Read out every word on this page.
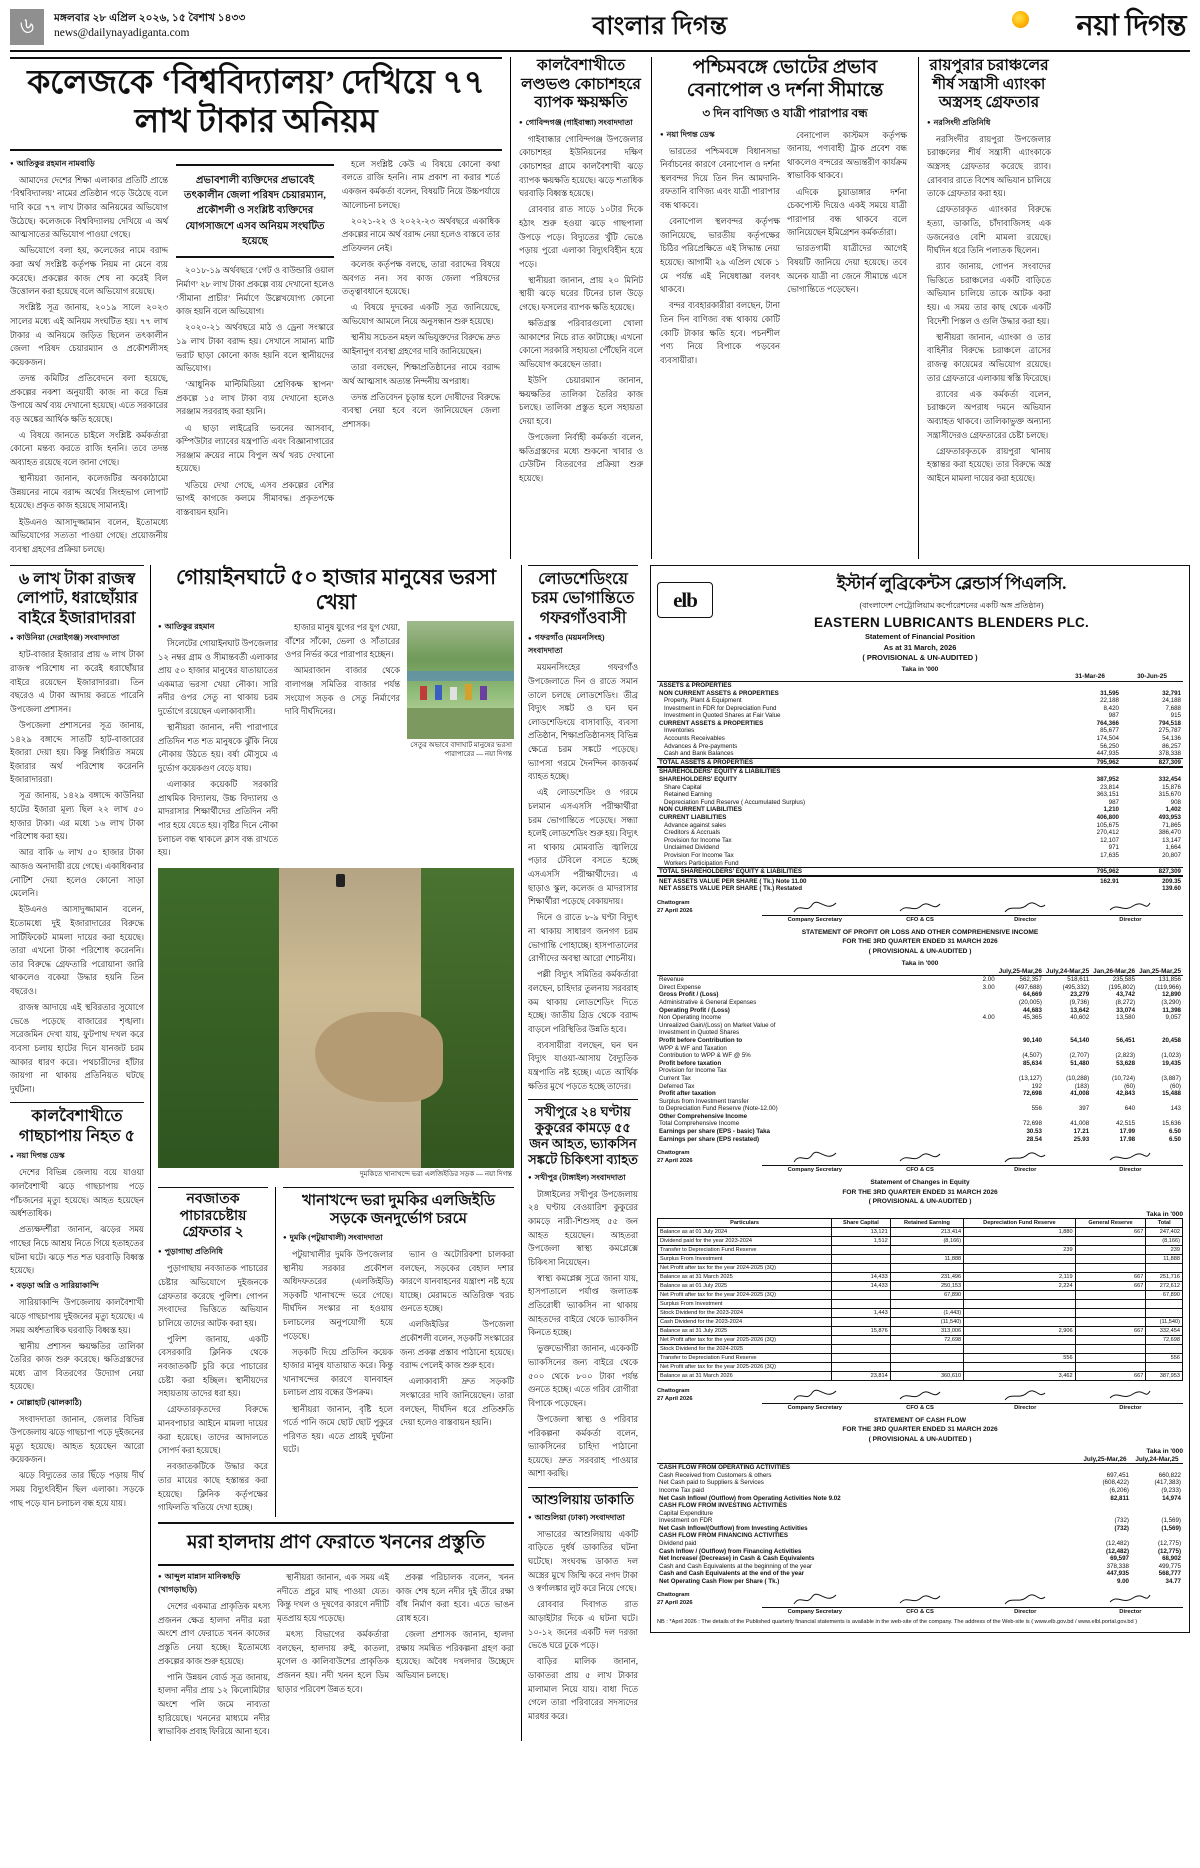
৬	মঙ্গলবার ২৮ এপ্রিল ২০২৬, ১৫ বৈশাখ ১৪৩৩
news@dailynayadiganta.com	বাংলার দিগন্ত	নয়া দিগন্ত
কলেজকে ‘বিশ্ববিদ্যালয়’ দেখিয়ে ৭৭ লাখ টাকার অনিয়ম
● আতিকুর রহমান নামবাড়ি

আমাদের দেশের শিক্ষা এলাকার প্রতিটি প্রান্তে ‘বিশ্ববিদ্যালয়’ নামের প্রতিষ্ঠান গড়ে উঠেছে বলে দাবি করে ৭৭ লাখ টাকার অনিয়মের অভিযোগ উঠেছে। কলেজকে বিশ্ববিদ্যালয় দেখিয়ে এ অর্থ আত্মসাতের অভিযোগ পাওয়া গেছে।

অভিযোগে বলা হয়, কলেজের নামে বরাদ্দ করা অর্থ সংশ্লিষ্ট কর্তৃপক্ষ নিয়ম না মেনে ব্যয় করেছে। প্রকল্পের কাজ শেষ না করেই বিল উত্তোলন করা হয়েছে বলে অভিযোগ রয়েছে।

সংশ্লিষ্ট সূত্র জানায়, ২০১৯ সালে ২০২৩ সালের মধ্যে এই অনিয়ম সংঘটিত হয়। ৭৭ লাখ টাকার এ অনিয়মে জড়িত ছিলেন তৎকালীন জেলা পরিষদ চেয়ারম্যান ও প্রকৌশলীসহ কয়েকজন।

তদন্ত কমিটির প্রতিবেদনে বলা হয়েছে, প্রকল্পের নকশা অনুযায়ী কাজ না করে ভিন্ন উপায়ে অর্থ ব্যয় দেখানো হয়েছে। এতে সরকারের বড় অঙ্কের আর্থিক ক্ষতি হয়েছে।

এ বিষয়ে জানতে চাইলে সংশ্লিষ্ট কর্মকর্তারা কোনো মন্তব্য করতে রাজি হননি। তবে তদন্ত অব্যাহত রয়েছে বলে জানা গেছে।

স্থানীয়রা জানান, কলেজটির অবকাঠামো উন্নয়নের নামে বরাদ্দ অর্থের সিংহভাগ লোপাট হয়েছে। প্রকৃত কাজ হয়েছে সামান্যই।

ইউএনও আসাদুজ্জামান বলেন, ইতোমধ্যে অভিযোগের সত্যতা পাওয়া গেছে। প্রয়োজনীয় ব্যবস্থা গ্রহণের প্রক্রিয়া চলছে।

প্রভাবশালী ব্যক্তিদের প্রভাবেই তৎকালীন জেলা পরিষদ চেয়ারম্যান, প্রকৌশলী ও সংশ্লিষ্ট ব্যক্তিদের যোগসাজশে এসব অনিয়ম সংঘটিত হয়েছে

২০১৮-১৯ অর্থবছরে ‘গেট ও বাউন্ডারি ওয়াল নির্মাণ’ ২৮ লাখ টাকা প্রকল্পে ব্যয় দেখানো হলেও ‘সীমানা প্রাচীর’ নির্মাণে উল্লেখযোগ্য কোনো কাজ হয়নি বলে অভিযোগ।

২০২০-২১ অর্থবছরে মাঠ ও ড্রেনা সংস্কারে ১৯ লাখ টাকা বরাদ্দ হয়। সেখানে সামান্য মাটি ভরাট ছাড়া কোনো কাজ হয়নি বলে স্থানীয়দের অভিযোগ।

‘আধুনিক মাল্টিমিডিয়া শ্রেণিকক্ষ স্থাপন’ প্রকল্পে ১৫ লাখ টাকা ব্যয় দেখানো হলেও সরঞ্জাম সরবরাহ করা হয়নি।

এ ছাড়া লাইব্রেরি ভবনের আসবাব, কম্পিউটার ল্যাবের যন্ত্রপাতি এবং বিজ্ঞানাগারের সরঞ্জাম ক্রয়ের নামে বিপুল অর্থ খরচ দেখানো হয়েছে।

খতিয়ে দেখা গেছে, এসব প্রকল্পের বেশির ভাগই কাগজে কলমে সীমাবদ্ধ। প্রকৃতপক্ষে বাস্তবায়ন হয়নি।

হলে সংশ্লিষ্ট কেউ এ বিষয়ে কোনো কথা বলতে রাজি হননি। নাম প্রকাশ না করার শর্তে একজন কর্মকর্তা বলেন, বিষয়টি নিয়ে উচ্চপর্যায়ে আলোচনা চলছে।

২০২১-২২ ও ২০২২-২৩ অর্থবছরে একাধিক প্রকল্পের নামে অর্থ বরাদ্দ নেয়া হলেও বাস্তবে তার প্রতিফলন নেই।

কলেজ কর্তৃপক্ষ বলছে, তারা বরাদ্দের বিষয়ে অবগত নন। সব কাজ জেলা পরিষদের তত্ত্বাবধানে হয়েছে।

এ বিষয়ে দুদকের একটি সূত্র জানিয়েছে, অভিযোগ আমলে নিয়ে অনুসন্ধান শুরু হয়েছে।

স্থানীয় সচেতন মহল অভিযুক্তদের বিরুদ্ধে দ্রুত আইনানুগ ব্যবস্থা গ্রহণের দাবি জানিয়েছেন।

তারা বলছেন, শিক্ষাপ্রতিষ্ঠানের নামে বরাদ্দ অর্থ আত্মসাৎ অত্যন্ত নিন্দনীয় অপরাধ।

তদন্ত প্রতিবেদন চূড়ান্ত হলে দোষীদের বিরুদ্ধে ব্যবস্থা নেয়া হবে বলে জানিয়েছেন জেলা প্রশাসক।

কালবৈশাখীতে লণ্ডভণ্ড কোচাশহরে ব্যাপক ক্ষয়ক্ষতি
● গোবিন্দগঞ্জ (গাইবান্ধা) সংবাদদাতা

গাইবান্ধার গোবিন্দগঞ্জ উপজেলার কোচাশহর ইউনিয়নের দক্ষিণ কোচাশহর গ্রামে কালবৈশাখী ঝড়ে ব্যাপক ক্ষয়ক্ষতি হয়েছে। ঝড়ে শতাধিক ঘরবাড়ি বিধ্বস্ত হয়েছে।

রোববার রাত সাড়ে ১০টার দিকে হঠাৎ শুরু হওয়া ঝড়ে গাছপালা উপড়ে পড়ে। বিদ্যুতের খুঁটি ভেঙে পড়ায় পুরো এলাকা বিদ্যুৎবিহীন হয়ে পড়ে।

স্থানীয়রা জানান, প্রায় ২০ মিনিট স্থায়ী ঝড়ে ঘরের টিনের চাল উড়ে গেছে। ফসলের ব্যাপক ক্ষতি হয়েছে।

ক্ষতিগ্রস্ত পরিবারগুলো খোলা আকাশের নিচে রাত কাটাচ্ছে। এখনো কোনো সরকারি সহায়তা পৌঁছেনি বলে অভিযোগ করেছেন তারা।

ইউপি চেয়ারম্যান জানান, ক্ষয়ক্ষতির তালিকা তৈরির কাজ চলছে। তালিকা প্রস্তুত হলে সহায়তা দেয়া হবে।

উপজেলা নির্বাহী কর্মকর্তা বলেন, ক্ষতিগ্রস্তদের মধ্যে শুকনো খাবার ও ঢেউটিন বিতরণের প্রক্রিয়া শুরু হয়েছে।

পশ্চিমবঙ্গে ভোটের প্রভাব বেনাপোল ও দর্শনা সীমান্তে
৩ দিন বাণিজ্য ও যাত্রী পারাপার বন্ধ
● নয়া দিগন্ত ডেস্ক

ভারতের পশ্চিমবঙ্গে বিধানসভা নির্বাচনের কারণে বেনাপোল ও দর্শনা স্থলবন্দর দিয়ে তিন দিন আমদানি-রফতানি বাণিজ্য এবং যাত্রী পারাপার বন্ধ থাকবে।

বেনাপোল স্থলবন্দর কর্তৃপক্ষ জানিয়েছে, ভারতীয় কর্তৃপক্ষের চিঠির পরিপ্রেক্ষিতে এই সিদ্ধান্ত নেয়া হয়েছে। আগামী ২৯ এপ্রিল থেকে ১ মে পর্যন্ত এই নিষেধাজ্ঞা বলবৎ থাকবে।

বন্দর ব্যবহারকারীরা বলছেন, টানা তিন দিন বাণিজ্য বন্ধ থাকায় কোটি কোটি টাকার ক্ষতি হবে। পচনশীল পণ্য নিয়ে বিপাকে পড়বেন ব্যবসায়ীরা।

বেনাপোল কাস্টমস কর্তৃপক্ষ জানায়, পণ্যবাহী ট্রাক প্রবেশ বন্ধ থাকলেও বন্দরের অভ্যন্তরীণ কার্যক্রম স্বাভাবিক থাকবে।

এদিকে চুয়াডাঙ্গার দর্শনা চেকপোস্ট দিয়েও একই সময়ে যাত্রী পারাপার বন্ধ থাকবে বলে জানিয়েছেন ইমিগ্রেশন কর্মকর্তারা।

ভারতগামী যাত্রীদের আগেই বিষয়টি জানিয়ে দেয়া হয়েছে। তবে অনেক যাত্রী না জেনে সীমান্তে এসে ভোগান্তিতে পড়েছেন।

রায়পুরার চরাঞ্চলের শীর্ষ সন্ত্রাসী এ্যাংকা অস্ত্রসহ গ্রেফতার
● নরসিংদী প্রতিনিধি

নরসিংদীর রায়পুরা উপজেলার চরাঞ্চলের শীর্ষ সন্ত্রাসী এ্যাংকাকে অস্ত্রসহ গ্রেফতার করেছে র‌্যাব। রোববার রাতে বিশেষ অভিযান চালিয়ে তাকে গ্রেফতার করা হয়।

গ্রেফতারকৃত এ্যাংকার বিরুদ্ধে হত্যা, ডাকাতি, চাঁদাবাজিসহ এক ডজনেরও বেশি মামলা রয়েছে। দীর্ঘদিন ধরে তিনি পলাতক ছিলেন।

র‌্যাব জানায়, গোপন সংবাদের ভিত্তিতে চরাঞ্চলের একটি বাড়িতে অভিযান চালিয়ে তাকে আটক করা হয়। এ সময় তার কাছ থেকে একটি বিদেশী পিস্তল ও গুলি উদ্ধার করা হয়।

স্থানীয়রা জানান, এ্যাংকা ও তার বাহিনীর বিরুদ্ধে চরাঞ্চলে ত্রাসের রাজত্ব কায়েমের অভিযোগ রয়েছে। তার গ্রেফতারে এলাকায় স্বস্তি ফিরেছে।

র‌্যাবের এক কর্মকর্তা বলেন, চরাঞ্চলে অপরাধ দমনে অভিযান অব্যাহত থাকবে। তালিকাভুক্ত অন্যান্য সন্ত্রাসীদেরও গ্রেফতারের চেষ্টা চলছে।

গ্রেফতারকৃতকে রায়পুরা থানায় হস্তান্তর করা হয়েছে। তার বিরুদ্ধে অস্ত্র আইনে মামলা দায়ের করা হয়েছে।

৬ লাখ টাকা রাজস্ব লোপাট, ধরাছোঁয়ার বাইরে ইজারাদাররা
● কাউনিয়া (দেরাইগঞ্জ) সংবাদদাতা

হাট-বাজার ইজারার প্রায় ৬ লাখ টাকা রাজস্ব পরিশোধ না করেই ধরাছোঁয়ার বাইরে রয়েছেন ইজারাদাররা। তিন বছরেও এ টাকা আদায় করতে পারেনি উপজেলা প্রশাসন।

উপজেলা প্রশাসনের সূত্র জানায়, ১৪২৯ বঙ্গাব্দে সাতটি হাট-বাজারের ইজারা দেয়া হয়। কিন্তু নির্ধারিত সময়ে ইজারার অর্থ পরিশোধ করেননি ইজারাদাররা।

সূত্র জানায়, ১৪২৯ বঙ্গাব্দে কাউনিয়া হাটের ইজারা মূল্য ছিল ২২ লাখ ৫০ হাজার টাকা। এর মধ্যে ১৬ লাখ টাকা পরিশোধ করা হয়।

আর বাকি ৬ লাখ ৫০ হাজার টাকা আজও অনাদায়ী রয়ে গেছে। একাধিকবার নোটিশ দেয়া হলেও কোনো সাড়া মেলেনি।

ইউএনও আসাদুজ্জামান বলেন, ইতোমধ্যে দুই ইজারাদারের বিরুদ্ধে সার্টিফিকেট মামলা দায়ের করা হয়েছে। তারা এখনো টাকা পরিশোধ করেননি। তার বিরুদ্ধে গ্রেফতারি পরোয়ানা জারি থাকলেও বকেয়া উদ্ধার হয়নি তিন বছরেও।

রাজস্ব আদায়ে এই স্থবিরতার সুযোগে ভেঙে পড়েছে বাজারের শৃঙ্খলা। সরেজমিন দেখা যায়, ফুটপাথ দখল করে ব্যবসা চলায় হাটের দিনে যানজট চরম আকার ধারণ করে। পথচারীদের হাঁটার জায়গা না থাকায় প্রতিনিয়ত ঘটছে দুর্ঘটনা।

কালবৈশাখীতে গাছচাপায় নিহত ৫
● নয়া দিগন্ত ডেস্ক

দেশের বিভিন্ন জেলায় বয়ে যাওয়া কালবৈশাখী ঝড়ে গাছচাপায় পড়ে পাঁচজনের মৃত্যু হয়েছে। আহত হয়েছেন অর্ধশতাধিক।

প্রত্যক্ষদর্শীরা জানান, ঝড়ের সময় গাছের নিচে আশ্রয় নিতে গিয়ে হতাহতের ঘটনা ঘটে। ঝড়ে শত শত ঘরবাড়ি বিধ্বস্ত হয়েছে।

● বড়ড়া অগ্নি ও সারিয়াকান্দি

সারিয়াকান্দি উপজেলায় কালবৈশাখী ঝড়ে গাছচাপায় দুইজনের মৃত্যু হয়েছে। এ সময় অর্ধশতাধিক ঘরবাড়ি বিধ্বস্ত হয়।

স্থানীয় প্রশাসন ক্ষয়ক্ষতির তালিকা তৈরির কাজ শুরু করেছে। ক্ষতিগ্রস্তদের মধ্যে ত্রাণ বিতরণের উদ্যোগ নেয়া হয়েছে।

● মোল্লাহাট (ঝালকাঠি)

সংবাদদাতা জানান, জেলার বিভিন্ন উপজেলায় ঝড়ে গাছচাপা পড়ে দুইজনের মৃত্যু হয়েছে। আহত হয়েছেন আরো কয়েকজন।

ঝড়ে বিদ্যুতের তার ছিঁড়ে পড়ায় দীর্ঘ সময় বিদ্যুৎবিহীন ছিল এলাকা। সড়কে গাছ পড়ে যান চলাচল বন্ধ হয়ে যায়।

গোয়াইনঘাটে ৫০ হাজার মানুষের ভরসা খেয়া
● আতিকুর রহমান

সিলেটের গোয়াইনঘাট উপজেলার ১২ নম্বর গ্রাম ও সীমান্তবর্তী এলাকার প্রায় ৫০ হাজার মানুষের যাতায়াতের একমাত্র ভরসা খেয়া নৌকা। সারি নদীর ওপর সেতু না থাকায় চরম দুর্ভোগে রয়েছেন এলাকাবাসী।

স্থানীয়রা জানান, নদী পারাপারে প্রতিদিন শত শত মানুষকে ঝুঁকি নিয়ে নৌকায় উঠতে হয়। বর্ষা মৌসুমে এ দুর্ভোগ কয়েকগুণ বেড়ে যায়।

এলাকার কয়েকটি সরকারি প্রাথমিক বিদ্যালয়, উচ্চ বিদ্যালয় ও মাদরাসার শিক্ষার্থীদের প্রতিদিন নদী পার হয়ে যেতে হয়। বৃষ্টির দিনে নৌকা চলাচল বন্ধ থাকলে ক্লাস বন্ধ রাখতে হয়।

হাজার মানুষ যুগের পর যুগ খেয়া, বাঁশের সাঁকো, ভেলা ও সাঁতারের ওপর নির্ভর করে পারাপার হচ্ছেন।

আমরাজান বাজার থেকে বালাগঞ্জ সমিতির বাজার পর্যন্ত সংযোগ সড়ক ও সেতু নির্মাণের দাবি দীর্ঘদিনের।

সেতুর অভাবে বাদাঘাট মানুষের ভরসা পারাপারের — নয়া দিগন্ত
দুমকিতে খানাখন্দে ভরা এলজিইডির সড়ক — নয়া দিগন্ত
নবজাতক পাচারচেষ্টায় গ্রেফতার ২
● পুড়াগাছা প্রতিনিধি

পুড়াগাছায় নবজাতক পাচারের চেষ্টার অভিযোগে দুইজনকে গ্রেফতার করেছে পুলিশ। গোপন সংবাদের ভিত্তিতে অভিযান চালিয়ে তাদের আটক করা হয়।

পুলিশ জানায়, একটি বেসরকারি ক্লিনিক থেকে নবজাতকটি চুরি করে পাচারের চেষ্টা করা হচ্ছিল। স্থানীয়দের সহায়তায় তাদের ধরা হয়।

গ্রেফতারকৃতদের বিরুদ্ধে মানবপাচার আইনে মামলা দায়ের করা হয়েছে। তাদের আদালতে সোপর্দ করা হয়েছে।

নবজাতকটিকে উদ্ধার করে তার মায়ের কাছে হস্তান্তর করা হয়েছে। ক্লিনিক কর্তৃপক্ষের গাফিলতি খতিয়ে দেখা হচ্ছে।

খানাখন্দে ভরা দুমকির এলজিইডি সড়কে জনদুর্ভোগ চরমে
● দুমকি (পটুয়াখালী) সংবাদদাতা

পটুয়াখালীর দুমকি উপজেলার স্থানীয় সরকার প্রকৌশল অধিদফতরের (এলজিইডি) সড়কটি খানাখন্দে ভরে গেছে। দীর্ঘদিন সংস্কার না হওয়ায় চলাচলের অনুপযোগী হয়ে পড়েছে।

সড়কটি দিয়ে প্রতিদিন কয়েক হাজার মানুষ যাতায়াত করে। কিন্তু খানাখন্দের কারণে যানবাহন চলাচল প্রায় বন্ধের উপক্রম।

স্থানীয়রা জানান, বৃষ্টি হলে গর্তে পানি জমে ছোট ছোট পুকুরে পরিণত হয়। এতে প্রায়ই দুর্ঘটনা ঘটে।

ভ্যান ও অটোরিকশা চালকরা বলছেন, সড়কের বেহাল দশার কারণে যানবাহনের যন্ত্রাংশ নষ্ট হয়ে যাচ্ছে। মেরামতে অতিরিক্ত খরচ গুনতে হচ্ছে।

এলজিইডির উপজেলা প্রকৌশলী বলেন, সড়কটি সংস্কারের জন্য প্রকল্প প্রস্তাব পাঠানো হয়েছে। বরাদ্দ পেলেই কাজ শুরু হবে।

এলাকাবাসী দ্রুত সড়কটি সংস্কারের দাবি জানিয়েছেন। তারা বলছেন, দীর্ঘদিন ধরে প্রতিশ্রুতি দেয়া হলেও বাস্তবায়ন হয়নি।

মরা হালদায় প্রাণ ফেরাতে খননের প্রস্তুতি
● আব্দুল মান্নান মানিকছড়ি (খাগড়াছড়ি)

দেশের একমাত্র প্রাকৃতিক মৎস্য প্রজনন ক্ষেত্র হালদা নদীর মরা অংশে প্রাণ ফেরাতে খনন কাজের প্রস্তুতি নেয়া হচ্ছে। ইতোমধ্যে প্রকল্পের কাজ শুরু হয়েছে।

পানি উন্নয়ন বোর্ড সূত্র জানায়, হালদা নদীর প্রায় ১২ কিলোমিটার অংশে পলি জমে নাব্যতা হারিয়েছে। খননের মাধ্যমে নদীর স্বাভাবিক প্রবাহ ফিরিয়ে আনা হবে।

স্থানীয়রা জানান, এক সময় এই নদীতে প্রচুর মাছ পাওয়া যেত। কিন্তু দখল ও দূষণের কারণে নদীটি মৃতপ্রায় হয়ে পড়েছে।

মৎস্য বিভাগের কর্মকর্তারা বলছেন, হালদায় রুই, কাতলা, মৃগেল ও কালিবাউশের প্রাকৃতিক প্রজনন হয়। নদী খনন হলে ডিম ছাড়ার পরিবেশ উন্নত হবে।

প্রকল্প পরিচালক বলেন, খনন কাজ শেষ হলে নদীর দুই তীরে রক্ষা বাঁধ নির্মাণ করা হবে। এতে ভাঙন রোধ হবে।

জেলা প্রশাসক জানান, হালদা রক্ষায় সমন্বিত পরিকল্পনা গ্রহণ করা হয়েছে। অবৈধ দখলদার উচ্ছেদে অভিযান চলছে।

লোডশেডিংয়ে চরম ভোগান্তিতে গফরগাঁওবাসী
● গফরগাঁও (ময়মনসিংহ) সংবাদদাতা

ময়মনসিংহের গফরগাঁও উপজেলাতে দিন ও রাতে সমান তালে চলছে লোডশেডিং। তীব্র বিদ্যুৎ সঙ্কট ও ঘন ঘন লোডশেডিংয়ে বাসাবাড়ি, ব্যবসা প্রতিষ্ঠান, শিক্ষাপ্রতিষ্ঠানসহ বিভিন্ন ক্ষেত্রে চরম সঙ্কটে পড়েছে। ভ্যাপসা গরমে দৈনন্দিন কাজকর্ম ব্যাহত হচ্ছে।

এই লোডশেডিং ও গরমে চলমান এসএসসি পরীক্ষার্থীরা চরম ভোগান্তিতে পড়েছে। সন্ধ্যা হলেই লোডশেডিং শুরু হয়। বিদ্যুৎ না থাকায় মোমবাতি জ্বালিয়ে পড়ার টেবিলে বসতে হচ্ছে এসএসসি পরীক্ষার্থীদের। এ ছাড়াও স্কুল, কলেজ ও মাদরাসার শিক্ষার্থীরা পড়েছে বেকায়দায়।

দিনে ও রাতে ৮-৯ ঘণ্টা বিদ্যুৎ না থাকায় সাধারণ জনগণ চরম ভোগান্তি পোহাচ্ছে। হাসপাতালের রোগীদের অবস্থা আরো শোচনীয়।

পল্লী বিদ্যুৎ সমিতির কর্মকর্তারা বলছেন, চাহিদার তুলনায় সরবরাহ কম থাকায় লোডশেডিং দিতে হচ্ছে। জাতীয় গ্রিড থেকে বরাদ্দ বাড়লে পরিস্থিতির উন্নতি হবে।

ব্যবসায়ীরা বলছেন, ঘন ঘন বিদ্যুৎ যাওয়া-আসায় বৈদ্যুতিক যন্ত্রপাতি নষ্ট হচ্ছে। এতে আর্থিক ক্ষতির মুখে পড়তে হচ্ছে তাদের।

সখীপুরে ২৪ ঘণ্টায় কুকুরের কামড়ে ৫৫ জন আহত, ভ্যাকসিন সঙ্কটে চিকিৎসা ব্যাহত
● সখীপুর (টাঙ্গাইল) সংবাদদাতা

টাঙ্গাইলের সখীপুর উপজেলায় ২৪ ঘণ্টায় বেওয়ারিশ কুকুরের কামড়ে নারী-শিশুসহ ৫৫ জন আহত হয়েছেন। আহতরা উপজেলা স্বাস্থ্য কমপ্লেক্সে চিকিৎসা নিয়েছেন।

স্বাস্থ্য কমপ্লেক্স সূত্রে জানা যায়, হাসপাতালে পর্যাপ্ত জলাতঙ্ক প্রতিরোধী ভ্যাকসিন না থাকায় আহতদের বাইরে থেকে ভ্যাকসিন কিনতে হচ্ছে।

ভুক্তভোগীরা জানান, একেকটি ভ্যাকসিনের জন্য বাইরে থেকে ৫০০ থেকে ৮০০ টাকা পর্যন্ত গুনতে হচ্ছে। এতে গরিব রোগীরা বিপাকে পড়েছেন।

উপজেলা স্বাস্থ্য ও পরিবার পরিকল্পনা কর্মকর্তা বলেন, ভ্যাকসিনের চাহিদা পাঠানো হয়েছে। দ্রুত সরবরাহ পাওয়ার আশা করছি।

আশুলিয়ায় ডাকাতি
● আশুলিয়া (ঢাকা) সংবাদদাতা

সাভারের আশুলিয়ায় একটি বাড়িতে দুর্ধর্ষ ডাকাতির ঘটনা ঘটেছে। সংঘবদ্ধ ডাকাত দল অস্ত্রের মুখে জিম্মি করে নগদ টাকা ও স্বর্ণালঙ্কার লুট করে নিয়ে গেছে।

রোববার দিবাগত রাত আড়াইটার দিকে এ ঘটনা ঘটে। ১০-১২ জনের একটি দল দরজা ভেঙে ঘরে ঢুকে পড়ে।

বাড়ির মালিক জানান, ডাকাতরা প্রায় ৫ লাখ টাকার মালামাল নিয়ে যায়। বাধা দিতে গেলে তারা পরিবারের সদস্যদের মারধর করে।

elb
ইস্টার্ন লুব্রিকেন্টস ব্লেন্ডার্স পিএলসি.
(বাংলাদেশ পেট্রোলিয়াম কর্পোরেশনের একটি অঙ্গ প্রতিষ্ঠান)
EASTERN LUBRICANTS BLENDERS PLC.
Statement of Financial Position
As at 31 March, 2026
( PROVISIONAL & UN-AUDITED )
Taka in '000
	31-Mar-26	30-Jun-25
ASSETS & PROPERTIES		
NON CURRENT ASSETS & PROPERTIES	31,595	32,791
Property, Plant & Equipment	22,188	24,188
Investment in FDR for Depreciation Fund	8,420	7,688
Investment in Quoted Shares at Fair Value	987	915
CURRENT ASSETS & PROPERTIES	764,366	794,518
Inventories	85,677	275,787
Accounts Receivables	174,504	54,136
Advances & Pre-payments	56,250	86,257
Cash and Bank Balances	447,935	378,338
TOTAL ASSETS & PROPERTIES	795,962	827,309
SHAREHOLDERS' EQUITY & LIABILITIES		
SHAREHOLDERS' EQUITY	387,952	332,454
Share Capital	23,814	15,876
Retained Earning	363,151	315,670
Depreciation Fund Reserve ( Accumulated Surplus)	987	908
NON CURRENT LIABILITIES	1,210	1,402
CURRENT LIABILITIES	406,800	493,953
Advance against sales	105,675	71,865
Creditors & Accruals	270,412	386,470
Provision for Income Tax	12,107	13,147
Unclaimed Dividend	971	1,664
Provision For Income Tax	17,635	20,807
Workers Participation Fund		
TOTAL SHAREHOLDERS' EQUITY & LIABILITIES	795,962	827,309
NET ASSETS VALUE PER SHARE ( Tk.) Note 11.00	162.91	209.35
NET ASSETS VALUE PER SHARE ( Tk.) Restated		139.60
Chattogram
27 April 2026
Company Secretary	CFO & CS	Director	Director
STATEMENT OF PROFIT OR LOSS AND OTHER COMPREHENSIVE INCOME
FOR THE 3RD QUARTER ENDED 31 MARCH 2026
( PROVISIONAL & UN-AUDITED )
Taka in '000
		July,25-Mar,26	July,24-Mar,25	Jan,26-Mar,26	Jan,25-Mar,25
Revenue	2.00	562,357	518,611	235,585	131,856
Direct Expense	3.00	(497,688)	(495,332)	(195,802)	(119,966)
Gross Profit / (Loss)		64,669	23,279	43,742	12,890
Administrative & General Expenses		(20,005)	(9,736)	(8,272)	(3,290)
Operating Profit / (Loss)		44,683	13,642	33,074	11,398
Non Operating Income	4.00	45,365	40,602	13,580	9,057
Unrealized Gain/(Loss) on Market Value of					
Investment in Quoted Shares					
Profit before Contribution to		90,140	54,140	56,451	20,458
WPP & WF and Taxation					
Contribution to WPP & WF @ 5%		(4,507)	(2,707)	(2,823)	(1,023)
Profit before taxation		85,634	51,480	53,628	19,435
Provision for Income Tax					
Current Tax		(13,127)	(10,288)	(10,724)	(3,887)
Deferred Tax		192	(183)	(60)	(60)
Profit after taxation		72,698	41,008	42,843	15,488
Surplus from Investment transfer					
to Depreciation Fund Reserve (Note-12.00)		556	397	640	143
Other Comprehensive Income					
Total Comprehensive Income		72,698	41,008	42,515	15,636
Earnings per share (EPS - basic) Taka		30.53	17.21	17.99	6.50
Earnings per share (EPS restated)		28.54	25.93	17.98	6.50
Chattogram
27 April 2026
Company Secretary	CFO & CS	Director	Director
Statement of Changes in Equity
FOR THE 3RD QUARTER ENDED 31 MARCH 2026
( PROVISIONAL & UN-AUDITED )
Taka in '000
Particulars	Share Capital	Retained Earning	Depreciation Fund Reserve	General Reserve	Total
Balance as at 01 July 2024	13,121	213,414	1,880	667	247,402
Dividend paid for the year 2023-2024	1,512	(8,166)			(8,166)
Transfer to Depreciation Fund Reserve			239		239
Surplus From Investment		11,888			11,888
Net Profit after tax for the year 2024-2025 (3Q)					
Balance as at 31 March 2025	14,433	231,496	2,119	667	251,716
Balance as at 01 July 2025	14,433	250,153	2,224	667	272,612
Net Profit after tax for the year 2024-2025 (3Q)		67,890			67,890
Surplus From Investment					
Stock Dividend for the 2023-2024	1,443	(1,443)			
Cash Dividend for the 2023-2024		(11,540)			(11,540)
Balance as at 31 July 2025	15,876	313,006	2,906	667	332,454
Net Profit after tax for the year 2025-2026 (3Q)		72,698			72,698
Stock Dividend for the 2024-2025					
Transfer to Depreciation Fund Reserve			556		556
Net Profit after tax for the year 2025-2026 (3Q)					
Balance as at 31 March 2026	23,814	360,610	3,462	667	387,953
Chattogram
27 April 2026
Company Secretary	CFO & CS	Director	Director
STATEMENT OF CASH FLOW
FOR THE 3RD QUARTER ENDED 31 MARCH 2026
( PROVISIONAL & UN-AUDITED )
Taka in '000
	July,25-Mar,26	July,24-Mar,25
CASH FLOW FROM OPERATING ACTIVITIES		
Cash Received from Customers & others	697,451	660,822
Net Cash paid to Suppliers & Services	(608,422)	(417,383)
Income Tax paid	(6,206)	(9,233)
Net Cash Inflow/ (Outflow) from Operating Activities Note 9.02	82,811	14,974
CASH FLOW FROM INVESTING ACTIVITIES		
Capital Expenditure		
Investment on FDR	(732)	(1,569)
Net Cash Inflow/(Outflow) from Investing Activities	(732)	(1,569)
CASH FLOW FROM FINANCING ACTIVITIES		
Dividend paid	(12,482)	(12,775)
Cash Inflow / (Outflow) from Financing Activities	(12,482)	(12,775)
Net Increase/ (Decrease) in Cash & Cash Equivalents	69,597	68,902
Cash and Cash Equivalents at the beginning of the year	378,338	499,775
Cash and Cash Equivalents at the end of the year	447,935	568,777
Net Operating Cash Flow per Share ( Tk.)	9.00	34.77
Chattogram
27 April 2026
Company Secretary	CFO & CS	Director	Director
NB : *April 2026 : The details of the Published quarterly financial statements is available in the web-site of the company. The address of the Web-site is ( www.elb.gov.bd / www.elbl.portal.gov.bd )
